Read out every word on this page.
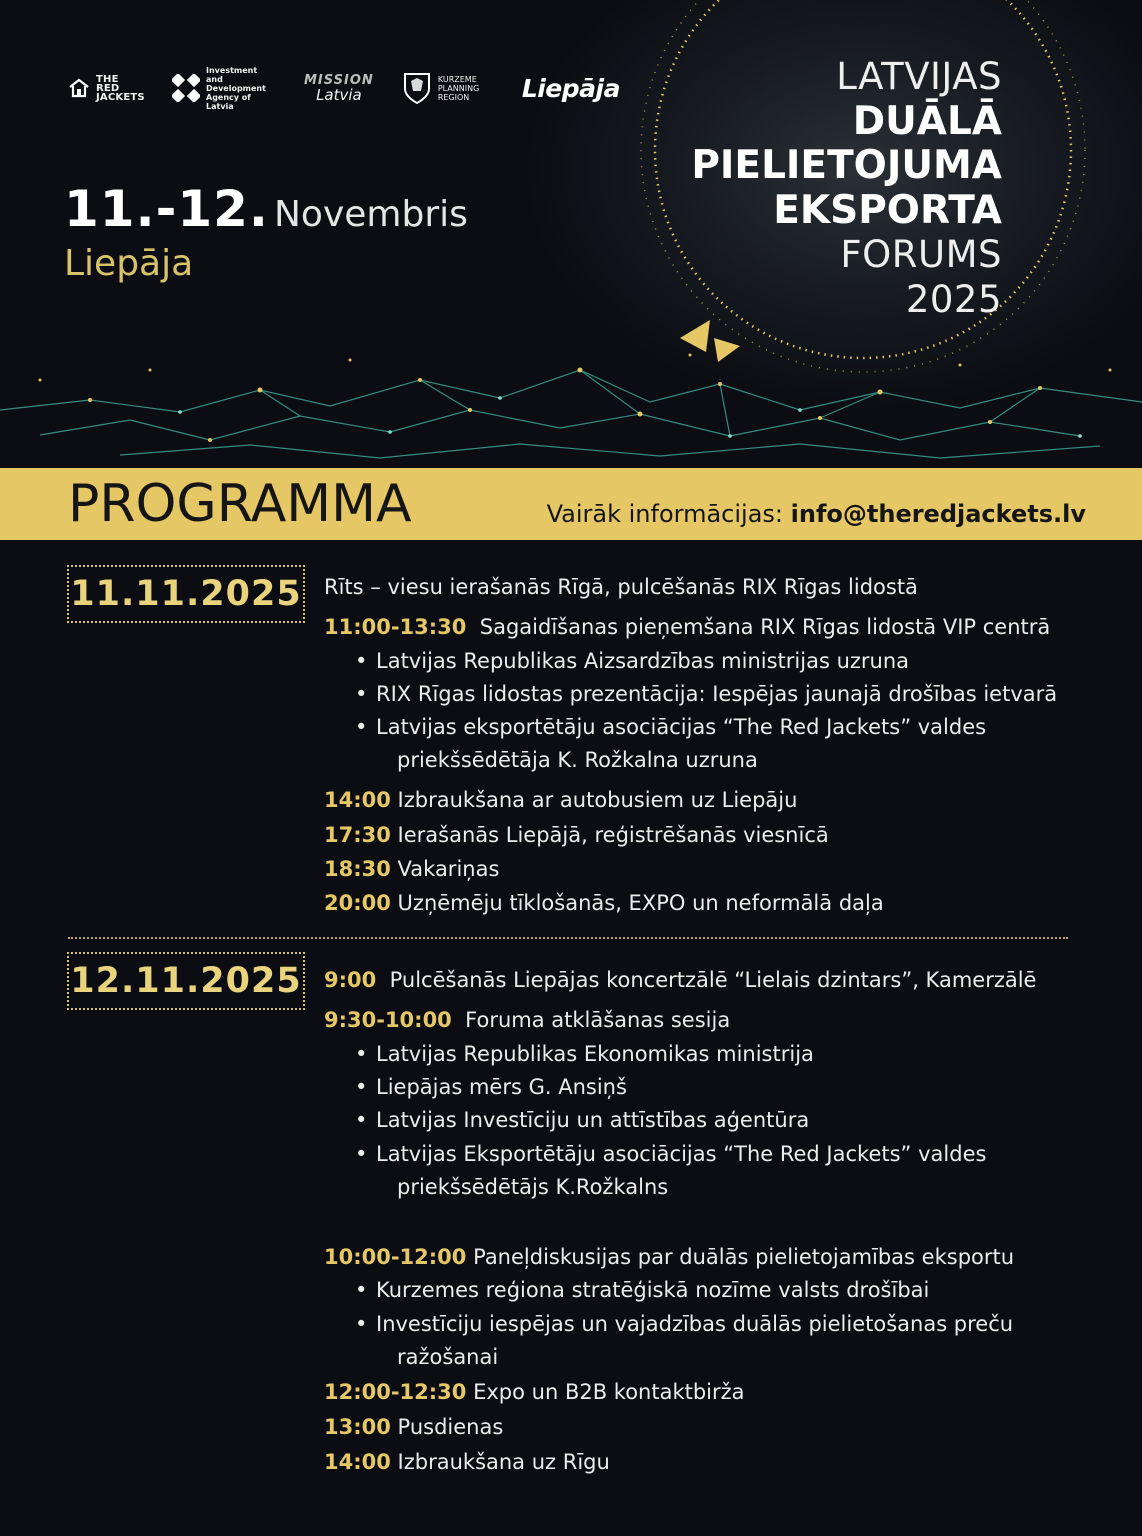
THE RED JACKETS
Investment and Development Agency of Latvia
MISSION
Latvia
KURZEME PLANNING REGION	Liepāja
11.-12. Novembris
Liepāja
LATVIJAS
DUĀLĀ
PIELIETOJUMA
EKSPORTA
FORUMS
2025
PROGRAMMA	Vairāk informācijas: info@theredjackets.lv
11.11.2025 Rīts – viesu ierašanās Rīgā, pulcēšanās RIX Rīgas lidostā
11:00-13:30 Sagaidīšanas pieņemšana RIX Rīgas lidostā VIP centrā
• Latvijas Republikas Aizsardzības ministrijas uzruna
• RIX Rīgas lidostas prezentācija: Iespējas jaunajā drošības ietvarā
• Latvijas eksportētāju asociācijas “The Red Jackets” valdes
priekšsēdētāja K. Rožkalna uzruna
14:00 Izbraukšana ar autobusiem uz Liepāju
17:30 Ierašanās Liepājā, reģistrēšanās viesnīcā
18:30 Vakariņas
20:00 Uzņēmēju tīklošanās, EXPO un neformālā daļa
12.11.2025 9:00 Pulcēšanās Liepājas koncertzālē “Lielais dzintars”, Kamerzālē
9:30-10:00 Foruma atklāšanas sesija
• Latvijas Republikas Ekonomikas ministrija
• Liepājas mērs G. Ansiņš
• Latvijas Investīciju un attīstības aģentūra
• Latvijas Eksportētāju asociācijas “The Red Jackets” valdes
priekšsēdētājs K.Rožkalns
10:00-12:00 Paneļdiskusijas par duālās pielietojamības eksportu
• Kurzemes reģiona stratēģiskā nozīme valsts drošībai
• Investīciju iespējas un vajadzības duālās pielietošanas preču
ražošanai
12:00-12:30 Expo un B2B kontaktbirža
13:00 Pusdienas
14:00 Izbraukšana uz Rīgu
